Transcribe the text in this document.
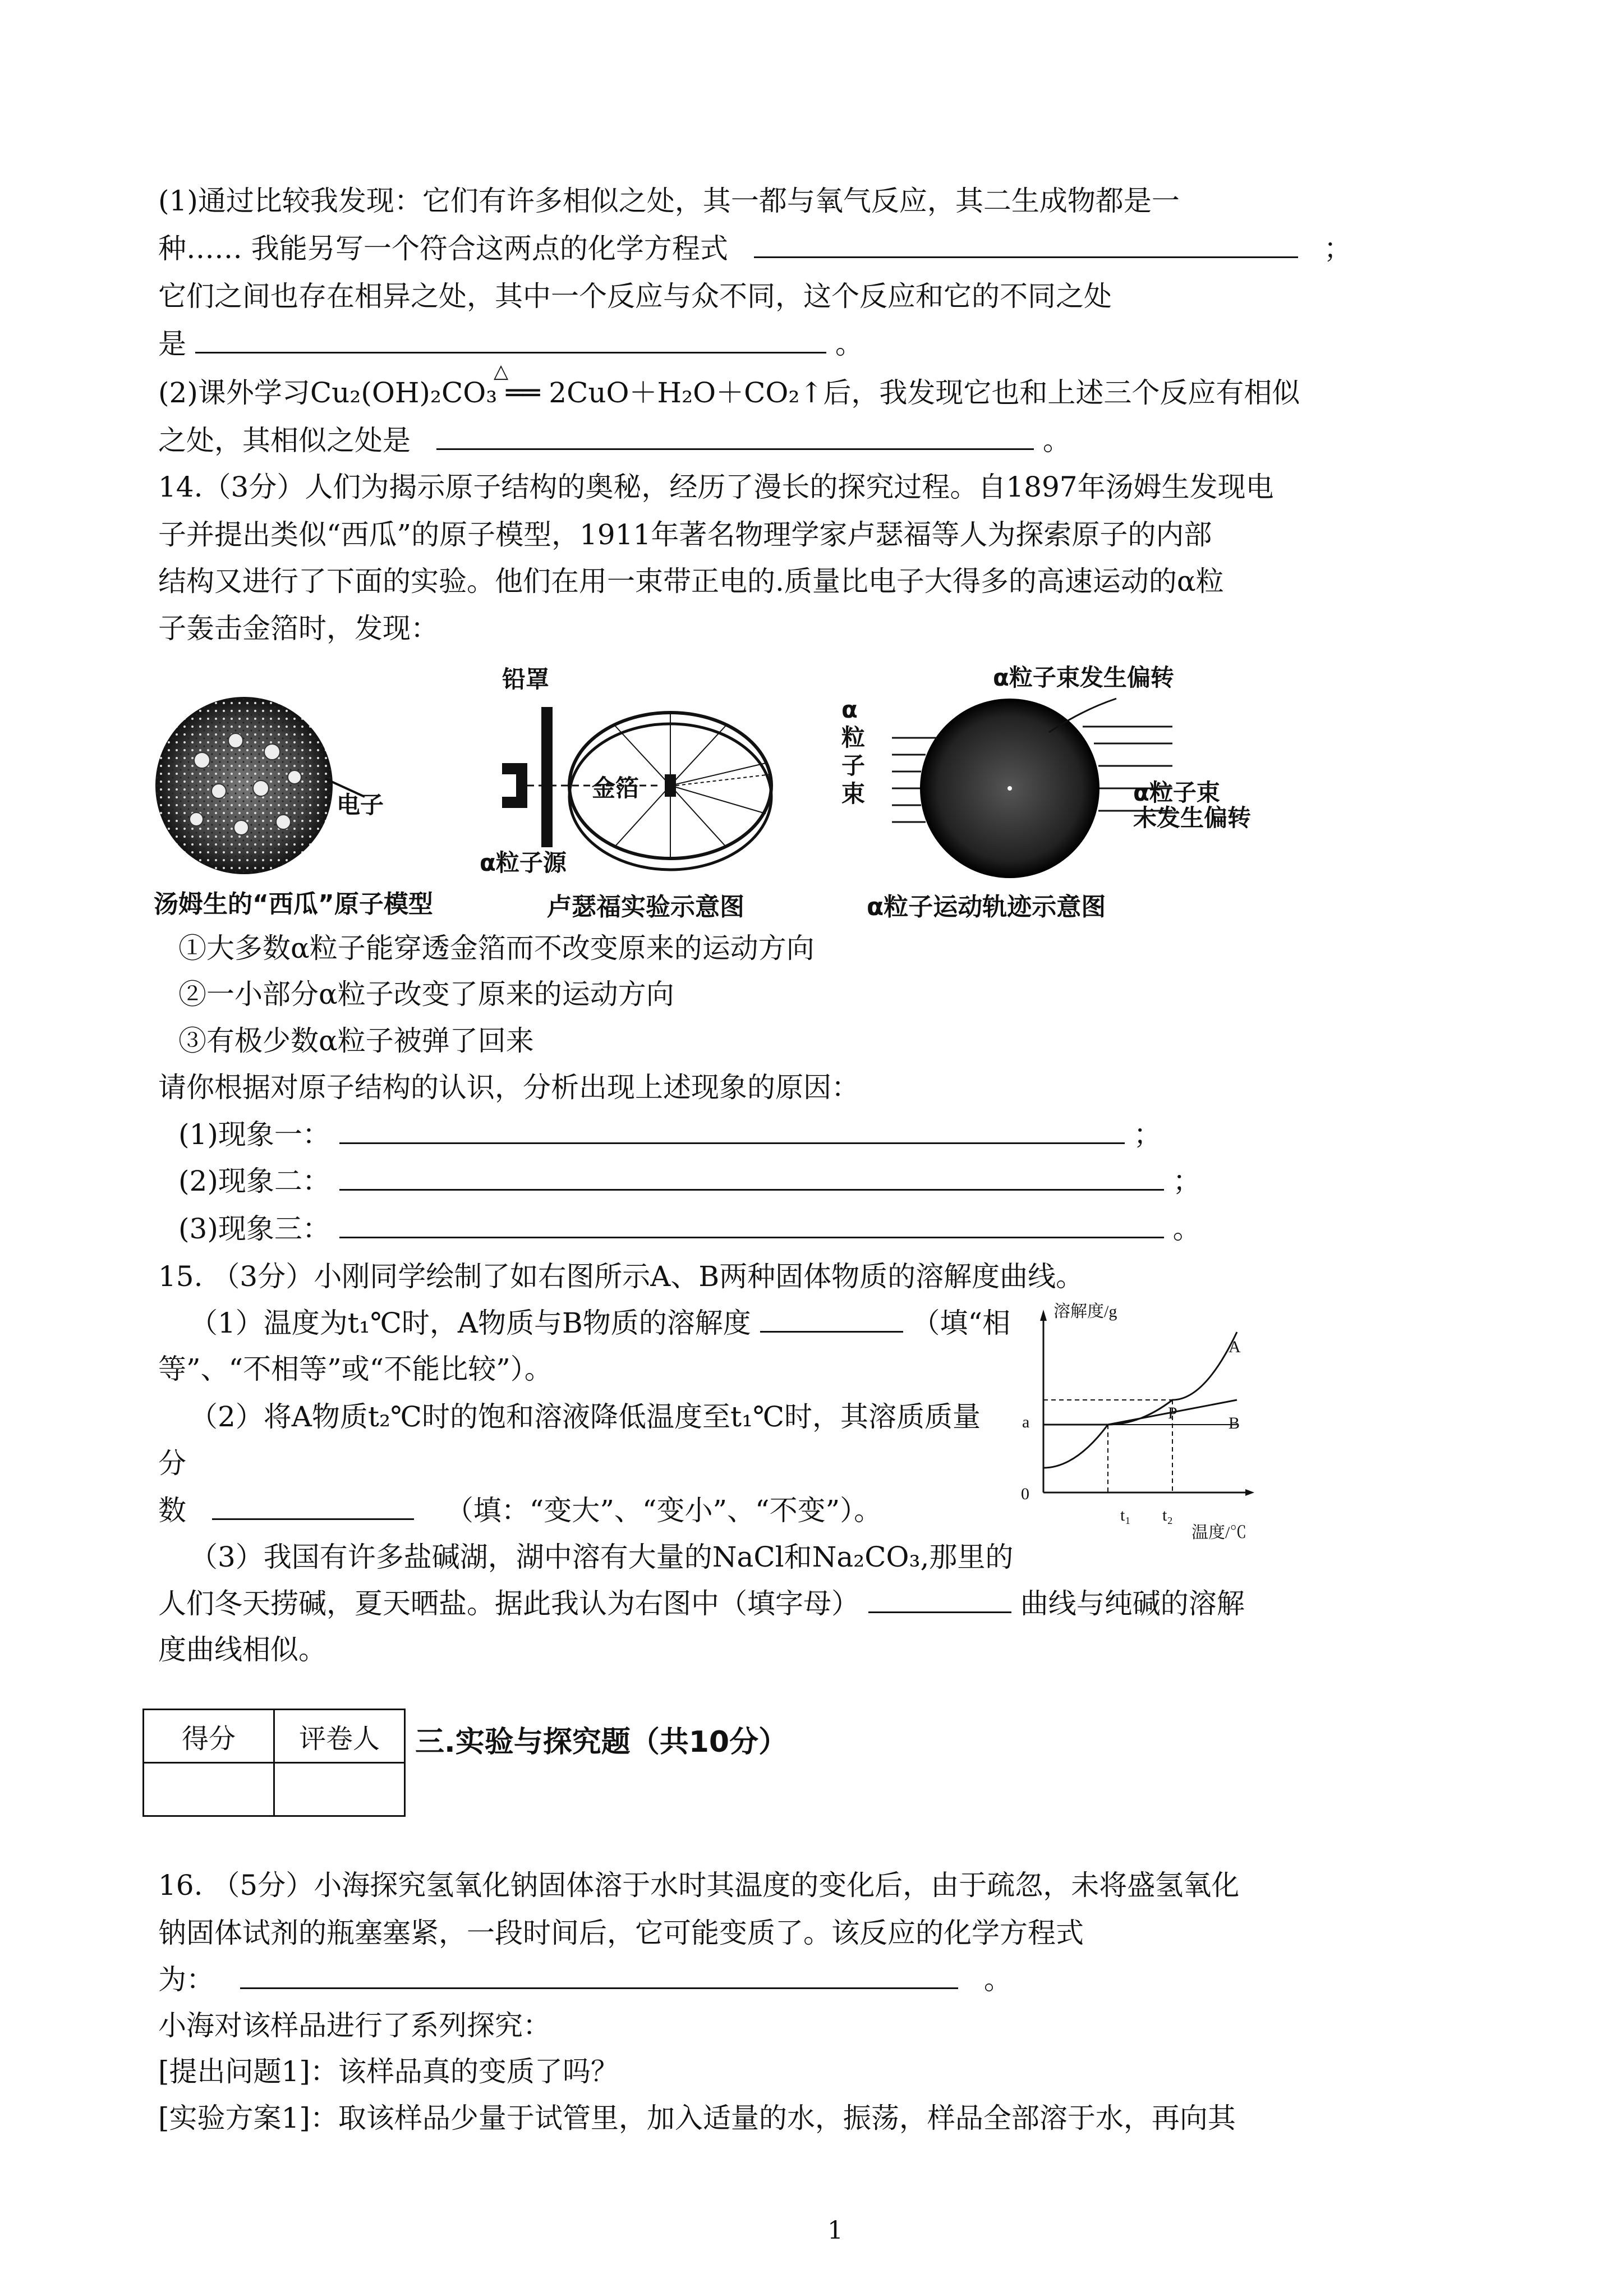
(1)通过比较我发现：它们有许多相似之处，其一都与氧气反应，其二生成物都是一
种…… 我能另写一个符合这两点的化学方程式	；
它们之间也存在相异之处，其中一个反应与众不同，这个反应和它的不同之处
是	。
(2)课外学习Cu₂(OH)₂CO₃ ══ 2CuO＋H₂O＋CO₂↑后，我发现它也和上述三个反应有相似
△
之处，其相似之处是	。
14.（3分）人们为揭示原子结构的奥秘，经历了漫长的探究过程。自1897年汤姆生发现电
子并提出类似“西瓜”的原子模型，1911年著名物理学家卢瑟福等人为探索原子的内部
结构又进行了下面的实验。他们在用一束带正电的.质量比电子大得多的高速运动的α粒
子轰击金箔时，发现：
电子
汤姆生的“西瓜”原子模型
铅罩
金箔
α粒子源
卢瑟福实验示意图
α粒子束发生偏转
α
粒
子
束	α粒子束
未发生偏转
α粒子运动轨迹示意图
①大多数α粒子能穿透金箔而不改变原来的运动方向
②一小部分α粒子改变了原来的运动方向
③有极少数α粒子被弹了回来
请你根据对原子结构的认识，分析出现上述现象的原因：
(1)现象一：	；
(2)现象二：	；
(3)现象三：	。
15. （3分）小刚同学绘制了如右图所示A、B两种固体物质的溶解度曲线。
（1）温度为t₁℃时，A物质与B物质的溶解度	（填“相
等”、“不相等”或“不能比较”）。
（2）将A物质t₂℃时的饱和溶液降低温度至t₁℃时，其溶质质量
分
数	（填：“变大”、“变小”、“不变”）。
（3）我国有许多盐碱湖，湖中溶有大量的NaCl和Na₂CO₃,那里的
人们冬天捞碱，夏天晒盐。据此我认为右图中（填字母）	曲线与纯碱的溶解
度曲线相似。
溶解度/g
温度/℃
0
a
t₁ t₂
P
A
B
得分	评卷人
	三.实验与探究题（共10分）
16. （5分）小海探究氢氧化钠固体溶于水时其温度的变化后，由于疏忽，未将盛氢氧化
钠固体试剂的瓶塞塞紧，一段时间后，它可能变质了。该反应的化学方程式
为：	。
小海对该样品进行了系列探究：
[提出问题1]：该样品真的变质了吗？
[实验方案1]：取该样品少量于试管里，加入适量的水，振荡，样品全部溶于水，再向其
1
